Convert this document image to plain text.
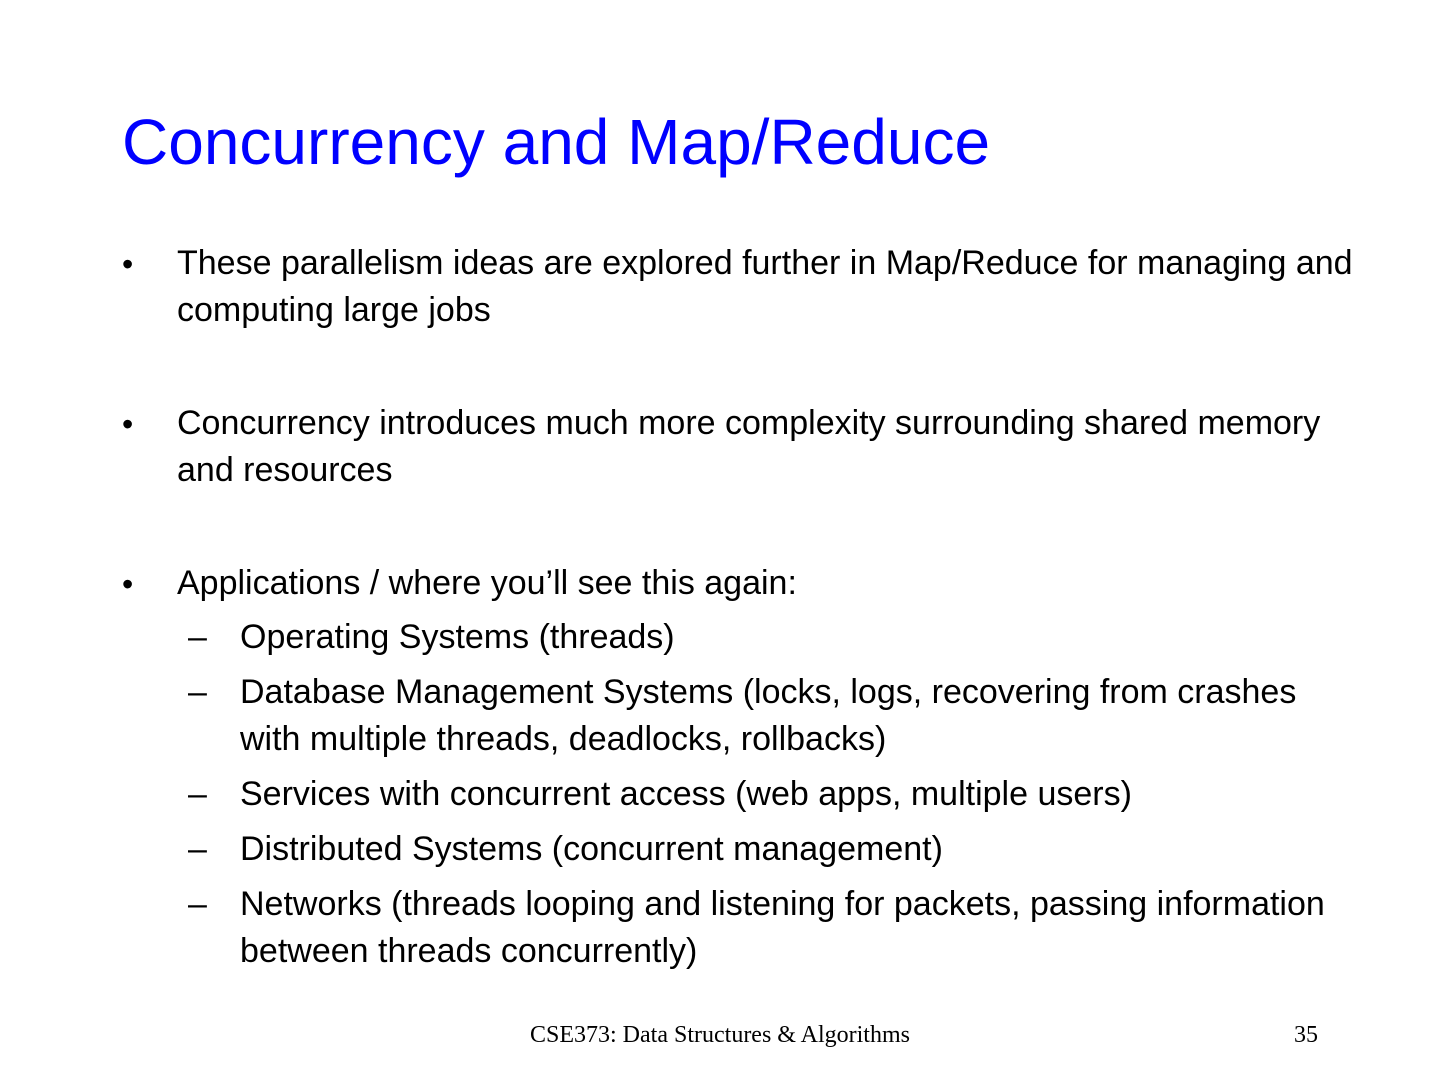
Concurrency and Map/Reduce
• These parallelism ideas are explored further in Map/Reduce for managing and computing large jobs
• Concurrency introduces much more complexity surrounding shared memory and resources
• Applications / where you’ll see this again:
– Operating Systems (threads)
– Database Management Systems (locks, logs, recovering from crashes with multiple threads, deadlocks, rollbacks)
– Services with concurrent access (web apps, multiple users)
– Distributed Systems (concurrent management)
– Networks (threads looping and listening for packets, passing information between threads concurrently)
CSE373: Data Structures & Algorithms	35
